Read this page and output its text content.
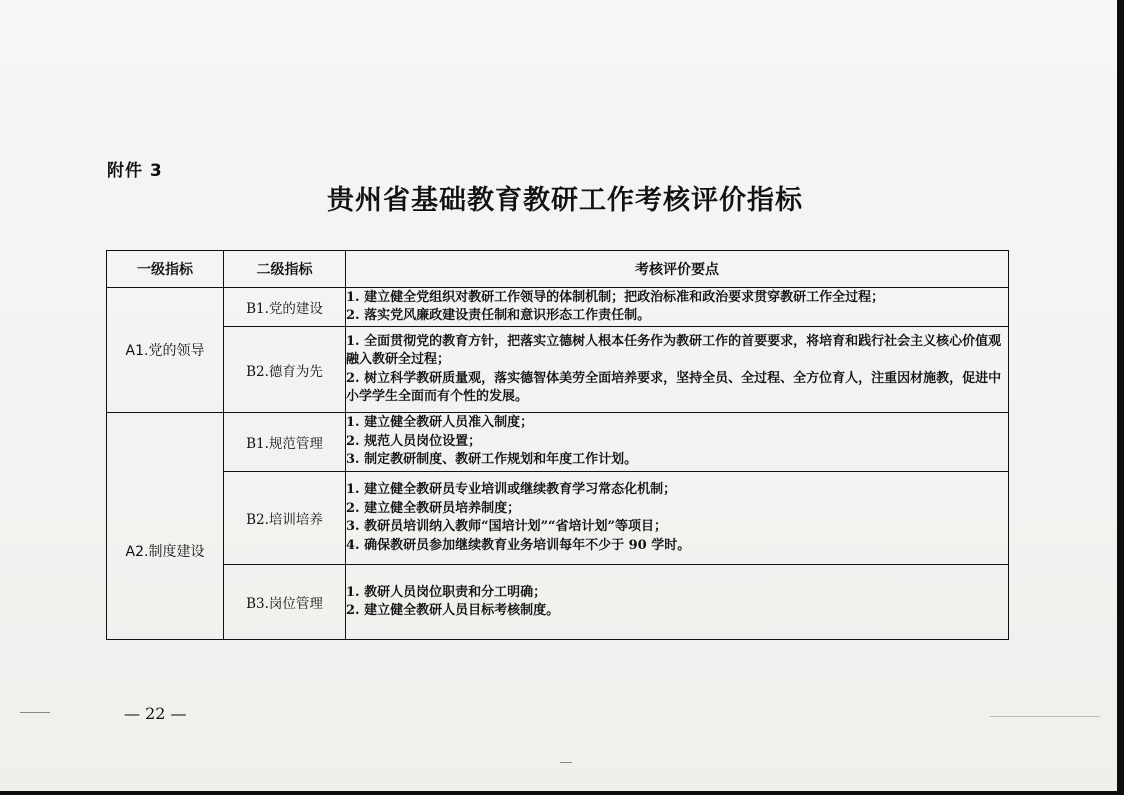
附件 3
贵州省基础教育教研工作考核评价指标
一级指标	二级指标	考核评价要点
A1.党的领导	B1.党的建设	1. 建立健全党组织对教研工作领导的体制机制；把政治标准和政治要求贯穿教研工作全过程；
2. 落实党风廉政建设责任制和意识形态工作责任制。

	B2.德育为先	1. 全面贯彻党的教育方针，把落实立德树人根本任务作为教研工作的首要要求，将培育和践行社会主义核心价值观融入教研全过程；
2. 树立科学教研质量观，落实德智体美劳全面培养要求，坚持全员、全过程、全方位育人，注重因材施教，促进中小学学生全面而有个性的发展。

A2.制度建设	B1.规范管理	1. 建立健全教研人员准入制度；
2. 规范人员岗位设置；
3. 制定教研制度、教研工作规划和年度工作计划。

	B2.培训培养	1. 建立健全教研员专业培训或继续教育学习常态化机制；
2. 建立健全教研员培养制度；
3. 教研员培训纳入教师“国培计划”“省培计划”等项目；
4. 确保教研员参加继续教育业务培训每年不少于 90 学时。

	B3.岗位管理	1. 教研人员岗位职责和分工明确；
2. 建立健全教研人员目标考核制度。
— 22 —
